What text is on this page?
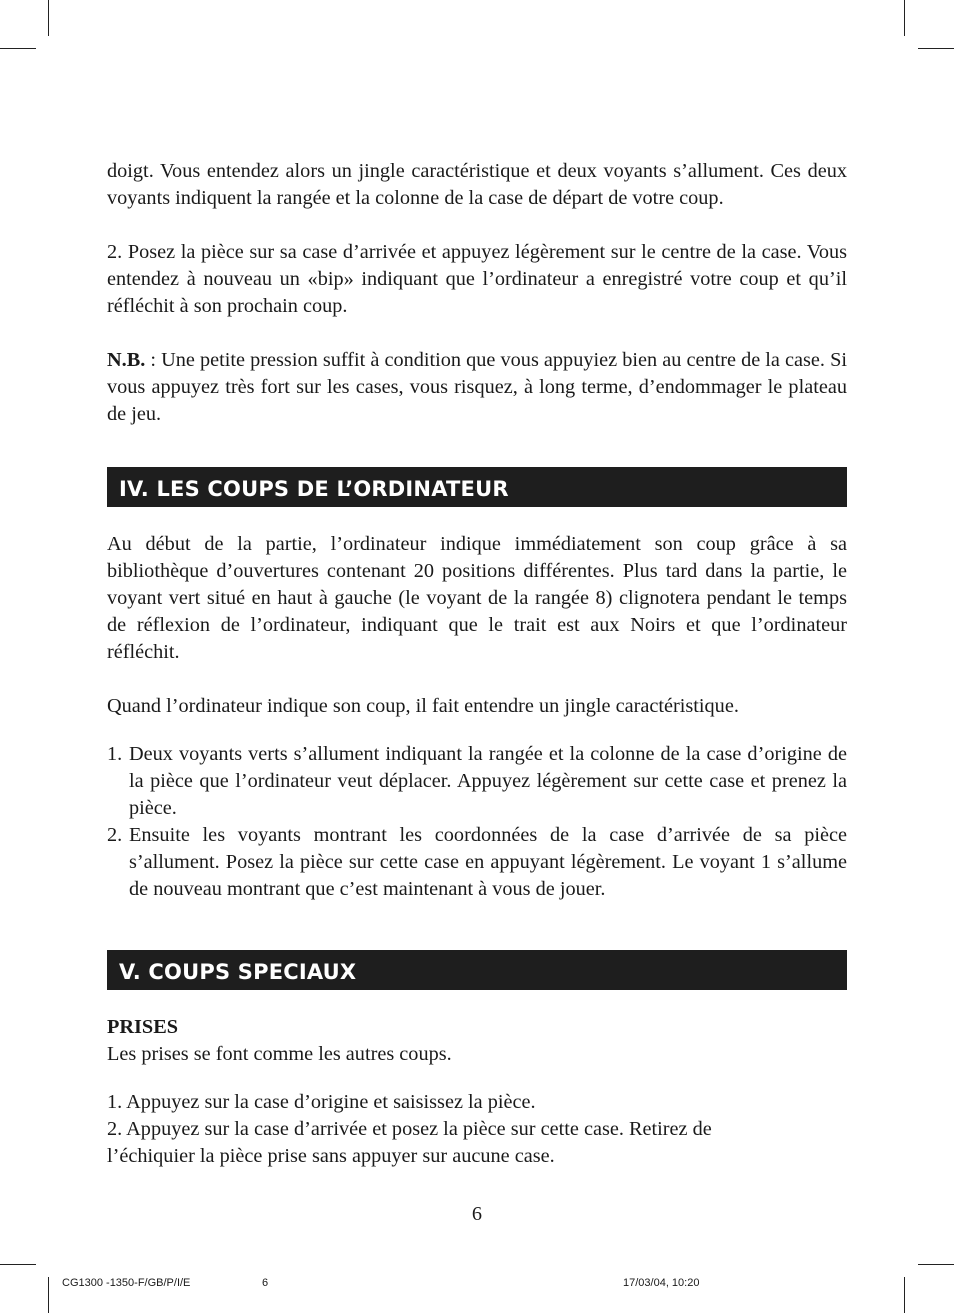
doigt. Vous entendez alors un jingle caractéristique et deux voyants s’allument. Ces deux voyants indiquent la rangée et la colonne de la case de départ de votre coup.

2. Posez la pièce sur sa case d’arrivée et appuyez légèrement sur le centre de la case. Vous entendez à nouveau un «bip» indiquant que l’ordinateur a enregistré votre coup et qu’il réfléchit à son prochain coup.

N.B. : Une petite pression suffit à condition que vous appuyiez bien au centre de la case. Si vous appuyez très fort sur les cases, vous risquez, à long terme, d’endommager le plateau de jeu.

IV. LES COUPS DE L’ORDINATEUR

Au début de la partie, l’ordinateur indique immédiatement son coup grâce à sa bibliothèque d’ouvertures contenant 20 positions différentes. Plus tard dans la partie, le voyant vert situé en haut à gauche (le voyant de la rangée 8) clignotera pendant le temps de réflexion de l’ordinateur, indiquant que le trait est aux Noirs et que l’ordinateur réfléchit.

Quand l’ordinateur indique son coup, il fait entendre un jingle caractéristique.

1. Deux voyants verts s’allument indiquant la rangée et la colonne de la case d’origine de la pièce que l’ordinateur veut déplacer. Appuyez légèrement sur cette case et prenez la pièce.
2. Ensuite les voyants montrant les coordonnées de la case d’arrivée de sa pièce s’allument. Posez la pièce sur cette case en appuyant légèrement. Le voyant 1 s’allume de nouveau montrant que c’est maintenant à vous de jouer.
V. COUPS SPECIAUX

PRISES

Les prises se font comme les autres coups.

1. Appuyez sur la case d’origine et saisissez la pièce.

2. Appuyez sur la case d’arrivée et posez la pièce sur cette case. Retirez de l’échiquier la pièce prise sans appuyer sur aucune case.

6
CG1300 -1350-F/GB/P/I/E	6	17/03/04, 10:20
